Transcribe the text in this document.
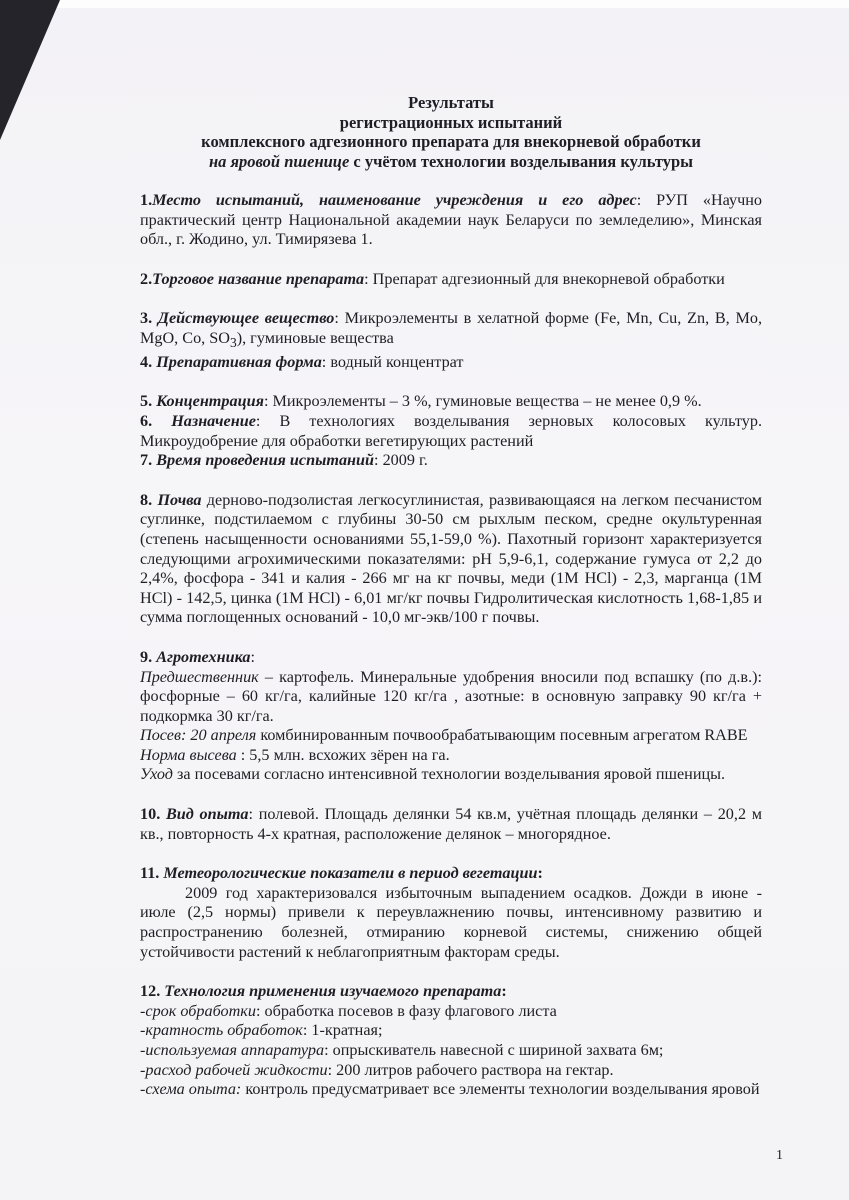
Результаты
регистрационных испытаний
комплексного адгезионного препарата для внекорневой обработки
на яровой пшенице с учётом технологии возделывания культуры

1.Место испытаний, наименование учреждения и его адрес: РУП «Научно практический центр Национальной академии наук Беларуси по земледелию», Минская обл., г. Жодино, ул. Тимирязева 1.

2.Торговое название препарата: Препарат адгезионный для внекорневой обработки

3. Действующее вещество: Микроэлементы в хелатной форме (Fe, Mn, Cu, Zn, B, Mo, MgO, Co, $SO_3$), гуминовые вещества

4. Препаративная форма: водный концентрат

5. Концентрация: Микроэлементы – 3 %, гуминовые вещества – не менее 0,9 %.

6. Назначение: В технологиях возделывания зерновых колосовых культур. Микроудобрение для обработки вегетирующих растений

7. Время проведения испытаний: 2009 г.

8. Почва дерново-подзолистая легкосуглинистая, развивающаяся на легком песчанистом суглинке, подстилаемом с глубины 30-50 см рыхлым песком, средне окультуренная (степень насыщенности основаниями 55,1-59,0 %). Пахотный горизонт характеризуется следующими агрохимическими показателями: pH 5,9-6,1, содержание гумуса от 2,2 до 2,4%, фосфора - 341 и калия - 266 мг на кг почвы, меди (1М HCl) - 2,3, марганца (1М HCl) - 142,5, цинка (1М HCl) - 6,01 мг/кг почвы Гидролитическая кислотность 1,68-1,85 и сумма поглощенных оснований - 10,0 мг-экв/100 г почвы.

9. Агротехника:

Предшественник – картофель. Минеральные удобрения вносили под вспашку (по д.в.): фосфорные – 60 кг/га, калийные 120 кг/га , азотные: в основную заправку 90 кг/га + подкормка 30 кг/га.

Посев: 20 апреля комбинированным почвообрабатывающим посевным агрегатом RABE

Норма высева : 5,5 млн. всхожих зёрен на га.

Уход за посевами согласно интенсивной технологии возделывания яровой пшеницы.

10. Вид опыта: полевой. Площадь делянки 54 кв.м, учётная площадь делянки – 20,2 м кв., повторность 4-х кратная, расположение делянок – многорядное.

11. Метеорологические показатели в период вегетации:

2009 год характеризовался избыточным выпадением осадков. Дожди в июне - июле (2,5 нормы) привели к переувлажнению почвы, интенсивному развитию и распространению болезней, отмиранию корневой системы, снижению общей устойчивости растений к неблагоприятным факторам среды.

12. Технология применения изучаемого препарата:

-срок обработки: обработка посевов в фазу флагового листа

-кратность обработок: 1-кратная;

-используемая аппаратура: опрыскиватель навесной с шириной захвата 6м;

-расход рабочей жидкости: 200 литров рабочего раствора на гектар.

-схема опыта: контроль предусматривает все элементы технологии возделывания яровой

1
